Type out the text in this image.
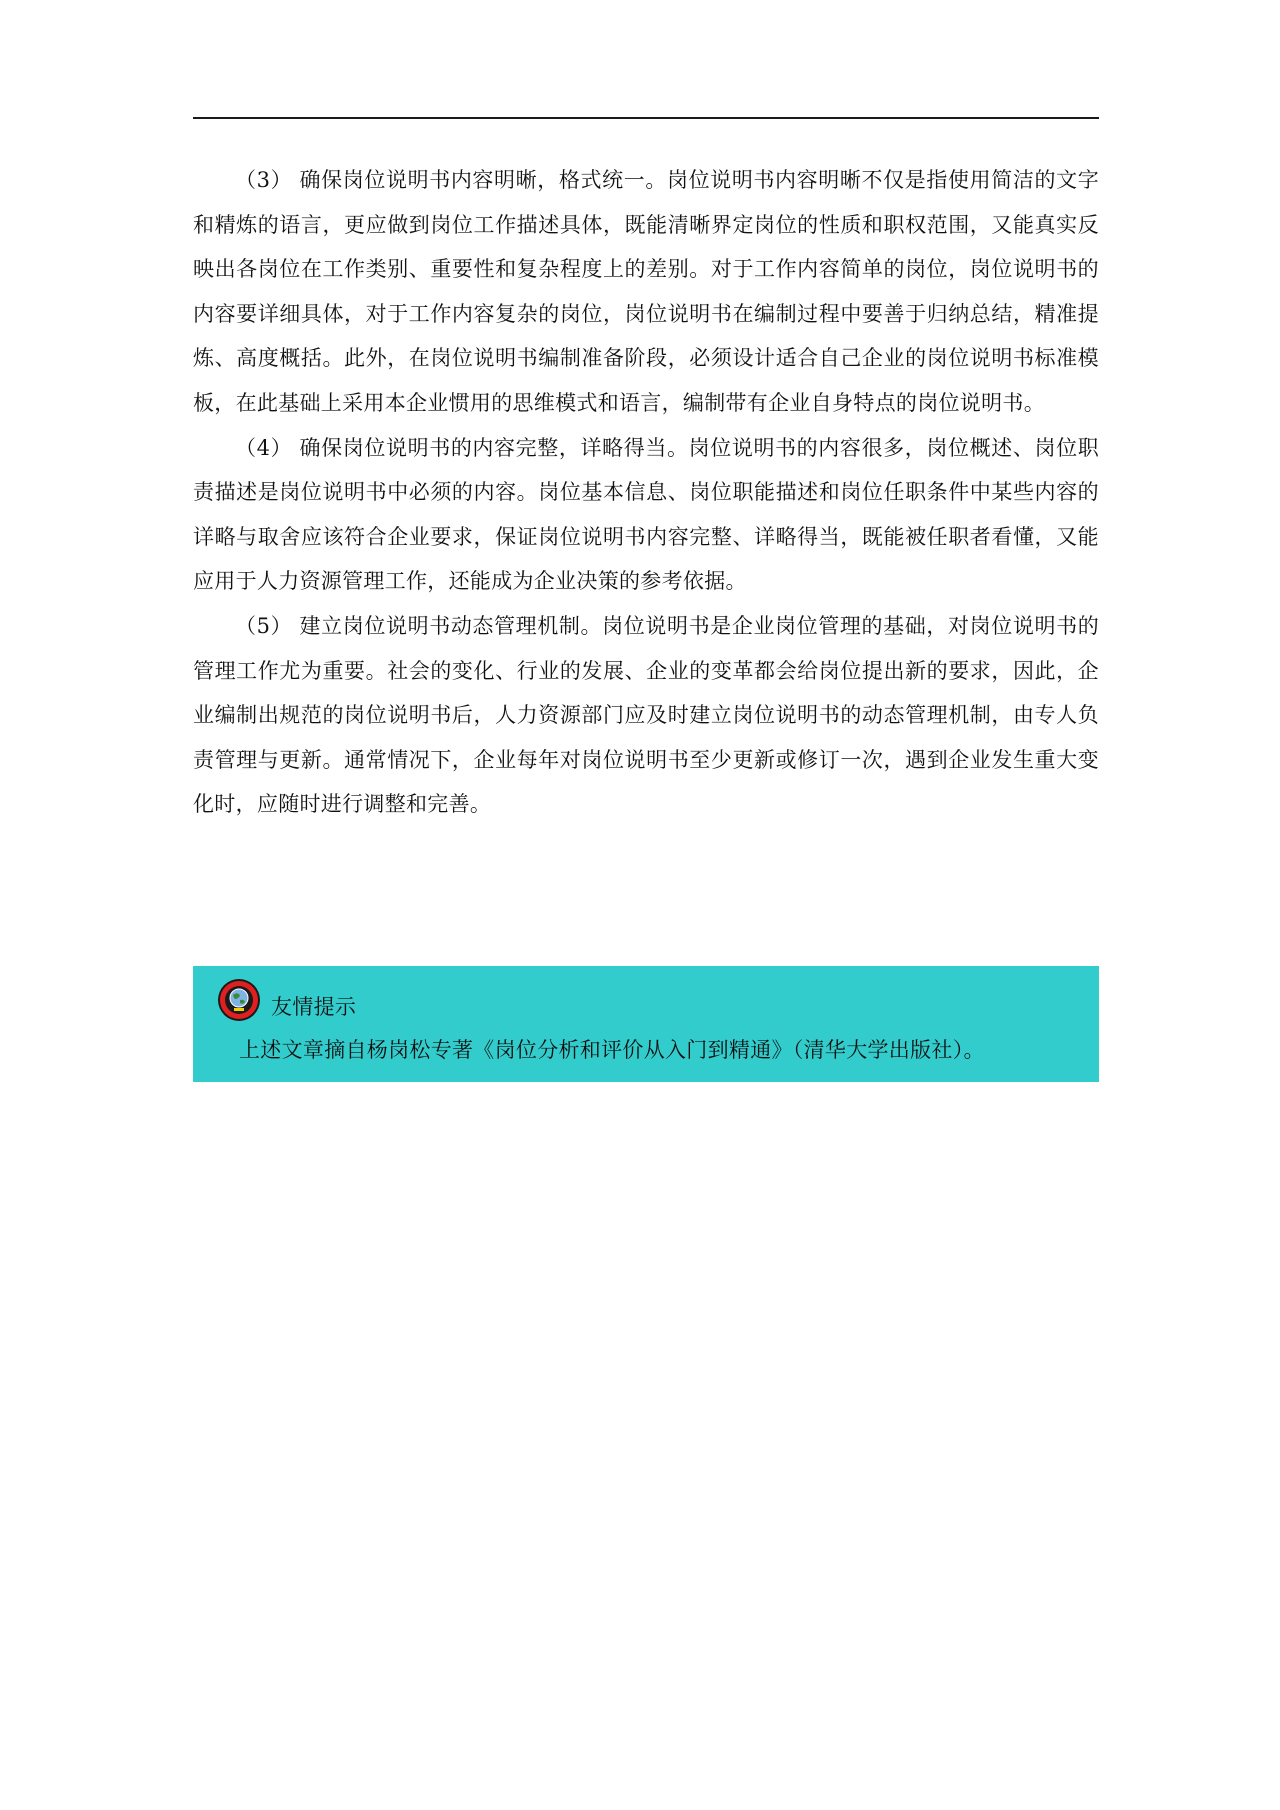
（3） 确保岗位说明书内容明晰，格式统一。岗位说明书内容明晰不仅是指使用简洁的文字和精炼的语言，更应做到岗位工作描述具体，既能清晰界定岗位的性质和职权范围，又能真实反映出各岗位在工作类别、重要性和复杂程度上的差别。对于工作内容简单的岗位，岗位说明书的内容要详细具体，对于工作内容复杂的岗位，岗位说明书在编制过程中要善于归纳总结，精准提炼、高度概括。此外，在岗位说明书编制准备阶段，必须设计适合自己企业的岗位说明书标准模板，在此基础上采用本企业惯用的思维模式和语言，编制带有企业自身特点的岗位说明书。

（4） 确保岗位说明书的内容完整，详略得当。岗位说明书的内容很多，岗位概述、岗位职责描述是岗位说明书中必须的内容。岗位基本信息、岗位职能描述和岗位任职条件中某些内容的详略与取舍应该符合企业要求，保证岗位说明书内容完整、详略得当，既能被任职者看懂，又能应用于人力资源管理工作，还能成为企业决策的参考依据。

（5） 建立岗位说明书动态管理机制。岗位说明书是企业岗位管理的基础，对岗位说明书的管理工作尤为重要。社会的变化、行业的发展、企业的变革都会给岗位提出新的要求，因此，企业编制出规范的岗位说明书后，人力资源部门应及时建立岗位说明书的动态管理机制，由专人负责管理与更新。通常情况下，企业每年对岗位说明书至少更新或修订一次，遇到企业发生重大变化时，应随时进行调整和完善。

友情提示
上述文章摘自杨岗松专著《岗位分析和评价从入门到精通》（清华大学出版社）。
